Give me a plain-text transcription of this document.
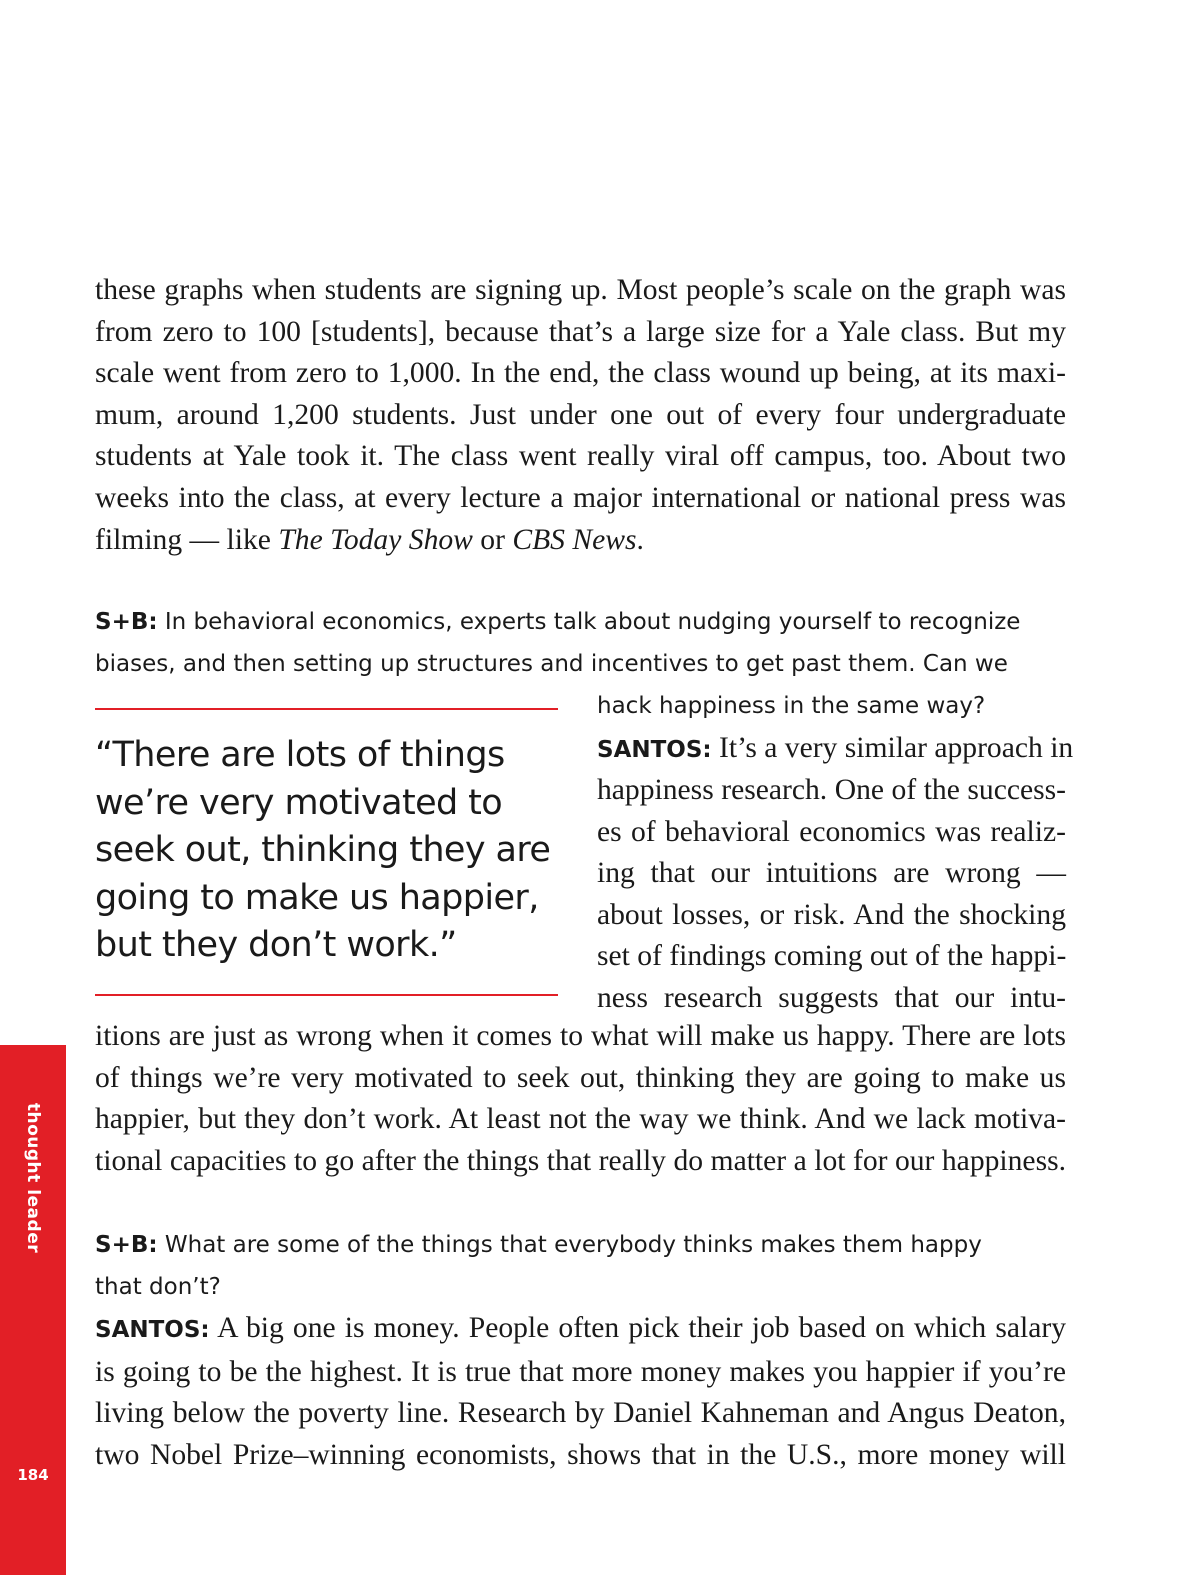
thought leader
184
these graphs when students are signing up. Most people’s scale on the graph was
from zero to 100 [students], because that’s a large size for a Yale class. But my
scale went from zero to 1,000. In the end, the class wound up being, at its maxi-
mum, around 1,200 students. Just under one out of every four undergraduate
students at Yale took it. The class went really viral off campus, too. About two
weeks into the class, at every lecture a major international or national press was
filming — like The Today Show or CBS News.
S+B: In behavioral economics, experts talk about nudging yourself to recognize
biases, and then setting up structures and incentives to get past them. Can we
hack happiness in the same way?
“There are lots of things
we’re very motivated to
seek out, thinking they are
going to make us happier,
but they don’t work.”
SANTOS: It’s a very similar approach in
happiness research. One of the success-
es of behavioral economics was realiz-
ing that our intuitions are wrong —
about losses, or risk. And the shocking
set of findings coming out of the happi-
ness research suggests that our intu-
itions are just as wrong when it comes to what will make us happy. There are lots
of things we’re very motivated to seek out, thinking they are going to make us
happier, but they don’t work. At least not the way we think. And we lack motiva-
tional capacities to go after the things that really do matter a lot for our happiness.
S+B: What are some of the things that everybody thinks makes them happy
that don’t?
SANTOS: A big one is money. People often pick their job based on which salary
is going to be the highest. It is true that more money makes you happier if you’re
living below the poverty line. Research by Daniel Kahneman and Angus Deaton,
two Nobel Prize–winning economists, shows that in the U.S., more money will
